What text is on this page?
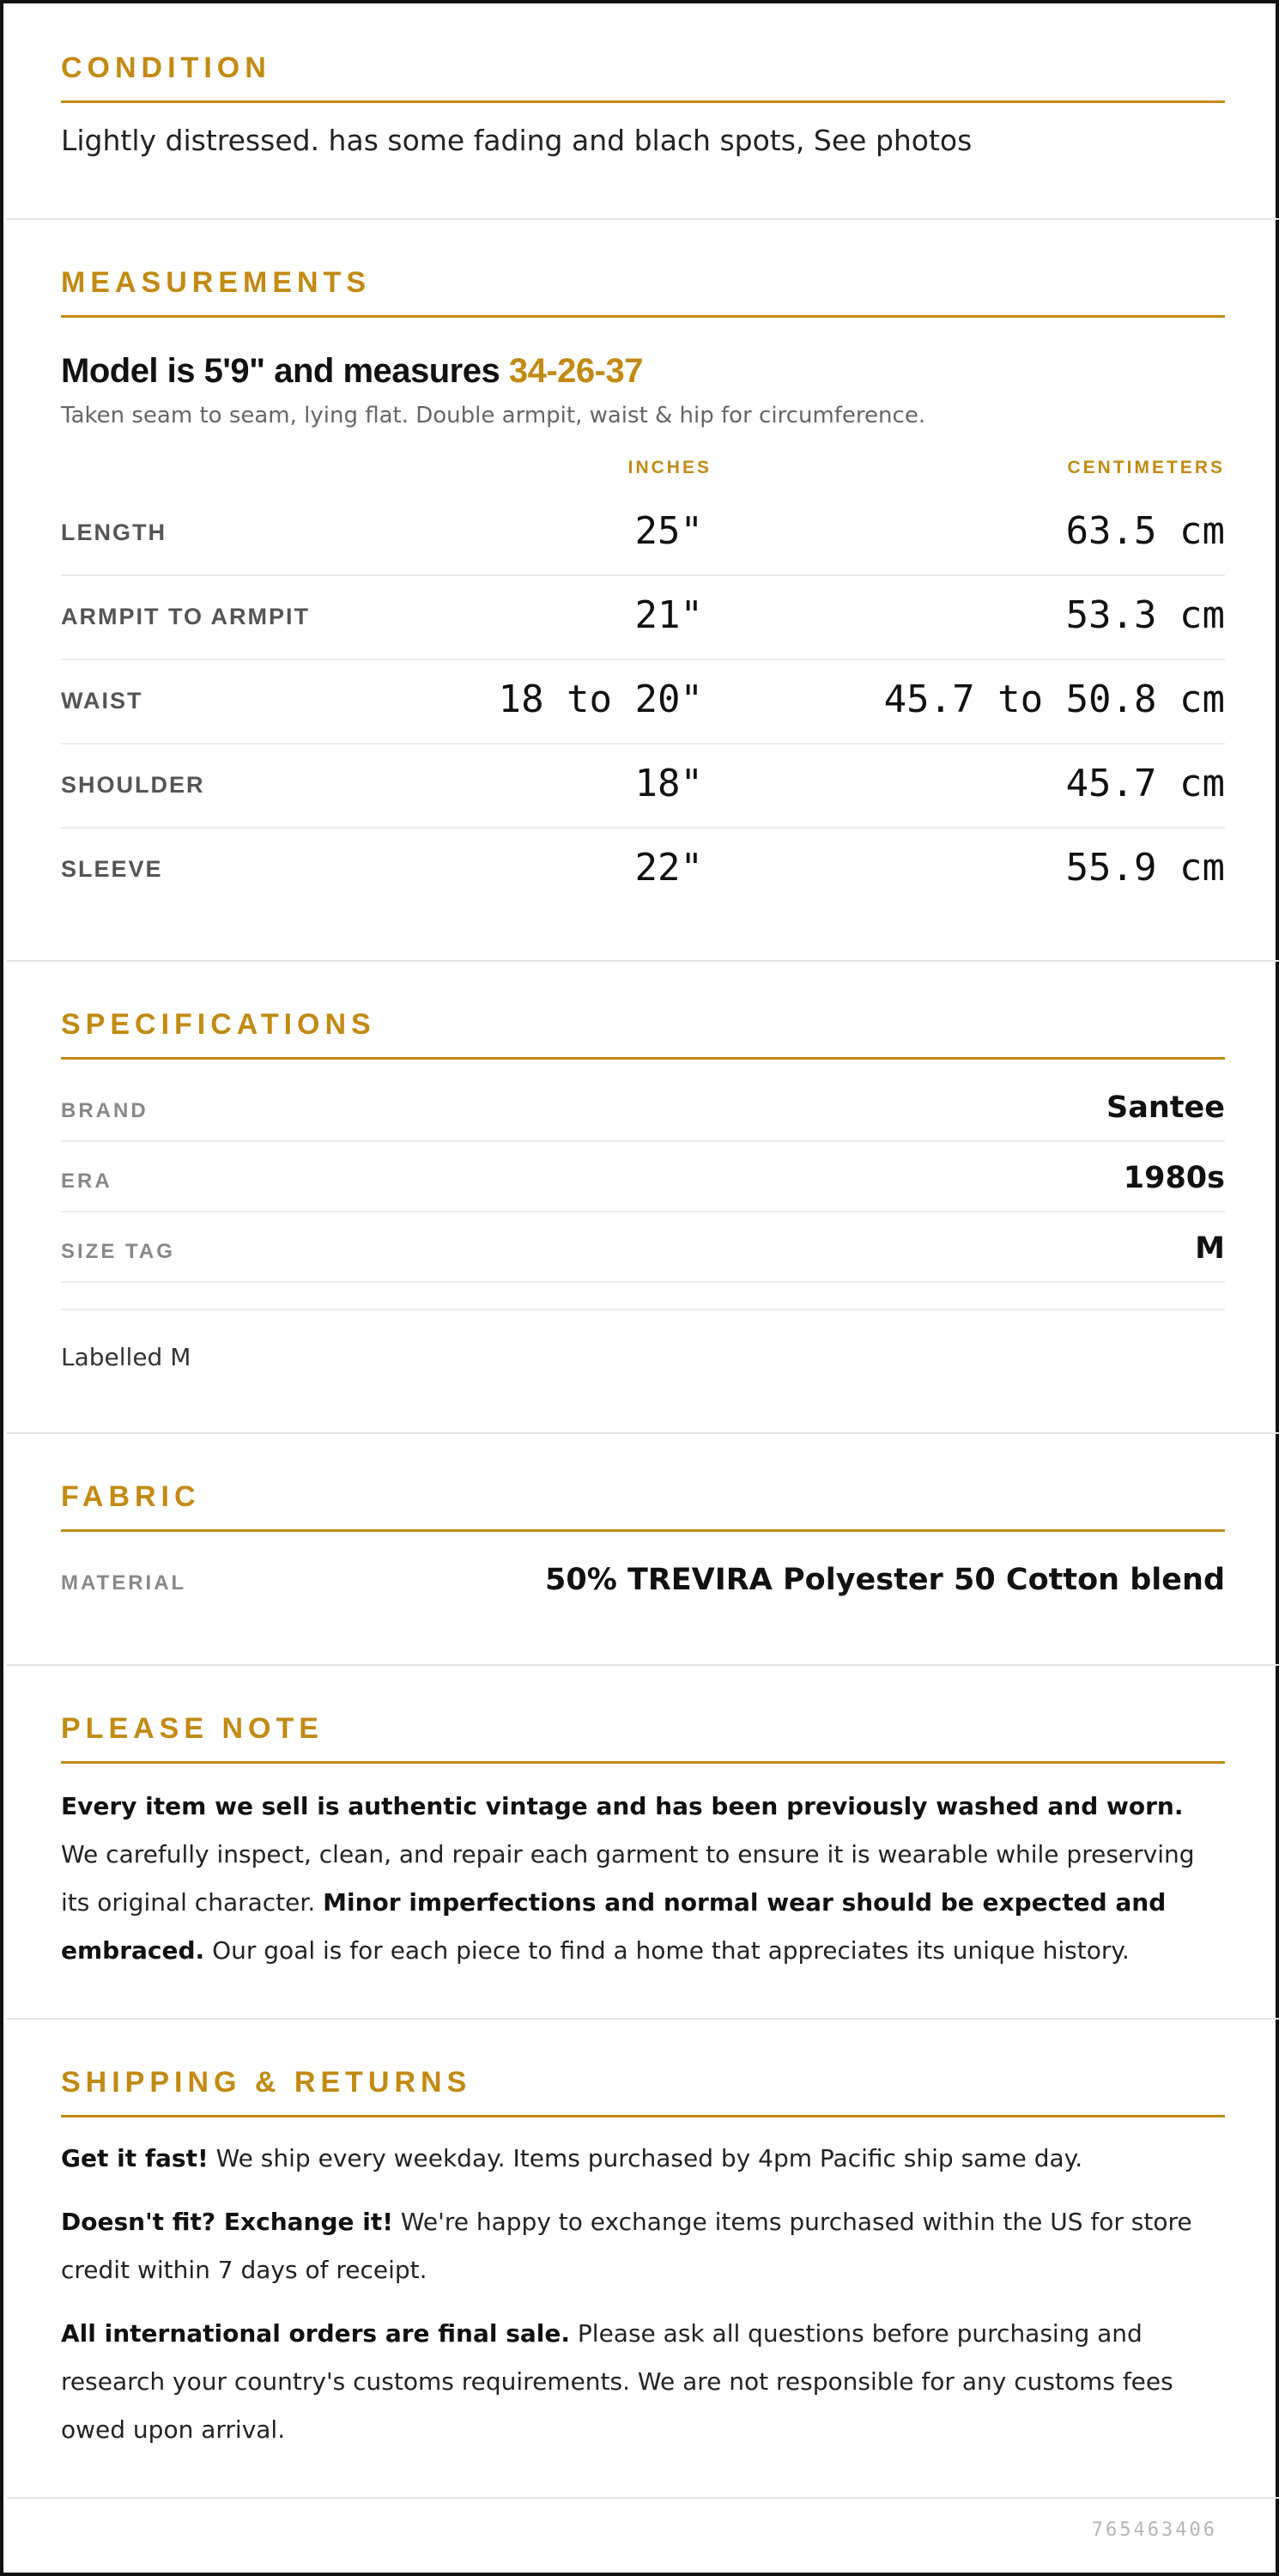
CONDITION
Lightly distressed. has some fading and blach spots, See photos
MEASUREMENTS
Model is 5'9" and measures 34-26-37
Taken seam to seam, lying flat. Double armpit, waist & hip for circumference.
INCHES	CENTIMETERS
LENGTH	25"	63.5 cm
ARMPIT TO ARMPIT	21"	53.3 cm
WAIST	18 to 20"	45.7 to 50.8 cm
SHOULDER	18"	45.7 cm
SLEEVE	22"	55.9 cm
SPECIFICATIONS
BRAND	Santee
ERA	1980s
SIZE TAG	M
Labelled M
FABRIC
MATERIAL	50% TREVIRA Polyester 50 Cotton blend
PLEASE NOTE

Every item we sell is authentic vintage and has been previously washed and worn. We carefully inspect, clean, and repair each garment to ensure it is wearable while preserving its original character. Minor imperfections and normal wear should be expected and embraced. Our goal is for each piece to find a home that appreciates its unique history.

SHIPPING & RETURNS

Get it fast! We ship every weekday. Items purchased by 4pm Pacific ship same day.

Doesn't fit? Exchange it! We're happy to exchange items purchased within the US for store credit within 7 days of receipt.

All international orders are final sale. Please ask all questions before purchasing and research your country's customs requirements. We are not responsible for any customs fees owed upon arrival.

765463406
